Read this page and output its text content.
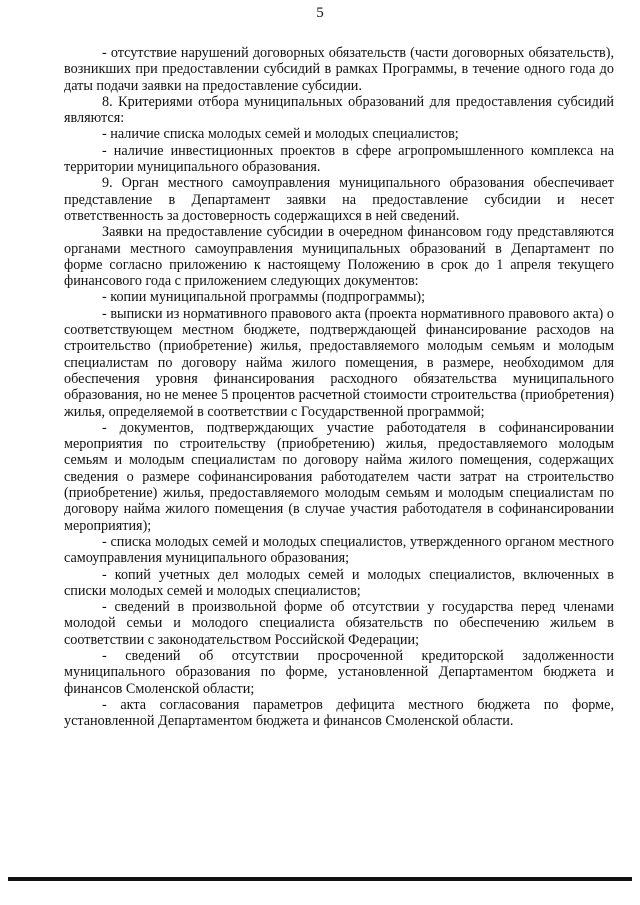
5

- отсутствие нарушений договорных обязательств (части договорных обязательств), возникших при предоставлении субсидий в рамках Программы, в течение одного года до даты подачи заявки на предоставление субсидии.

8. Критериями отбора муниципальных образований для предоставления субсидий являются:

- наличие списка молодых семей и молодых специалистов;

- наличие инвестиционных проектов в сфере агропромышленного комплекса на территории муниципального образования.

9. Орган местного самоуправления муниципального образования обеспечивает представление в Департамент заявки на предоставление субсидии и несет ответственность за достоверность содержащихся в ней сведений.

Заявки на предоставление субсидии в очередном финансовом году представляются органами местного самоуправления муниципальных образований в Департамент по форме согласно приложению к настоящему Положению в срок до 1 апреля текущего финансового года с приложением следующих документов:

- копии муниципальной программы (подпрограммы);

- выписки из нормативного правового акта (проекта нормативного правового акта) о соответствующем местном бюджете, подтверждающей финансирование расходов на строительство (приобретение) жилья, предоставляемого молодым семьям и молодым специалистам по договору найма жилого помещения, в размере, необходимом для обеспечения уровня финансирования расходного обязательства муниципального образования, но не менее 5 процентов расчетной стоимости строительства (приобретения) жилья, определяемой в соответствии с Государственной программой;

- документов, подтверждающих участие работодателя в софинансировании мероприятия по строительству (приобретению) жилья, предоставляемого молодым семьям и молодым специалистам по договору найма жилого помещения, содержащих сведения о размере софинансирования работодателем части затрат на строительство (приобретение) жилья, предоставляемого молодым семьям и молодым специалистам по договору найма жилого помещения (в случае участия работодателя в софинансировании мероприятия);

- списка молодых семей и молодых специалистов, утвержденного органом местного самоуправления муниципального образования;

- копий учетных дел молодых семей и молодых специалистов, включенных в списки молодых семей и молодых специалистов;

- сведений в произвольной форме об отсутствии у государства перед членами молодой семьи и молодого специалиста обязательств по обеспечению жильем в соответствии с законодательством Российской Федерации;

- сведений об отсутствии просроченной кредиторской задолженности муниципального образования по форме, установленной Департаментом бюджета и финансов Смоленской области;

- акта согласования параметров дефицита местного бюджета по форме, установленной Департаментом бюджета и финансов Смоленской области.
